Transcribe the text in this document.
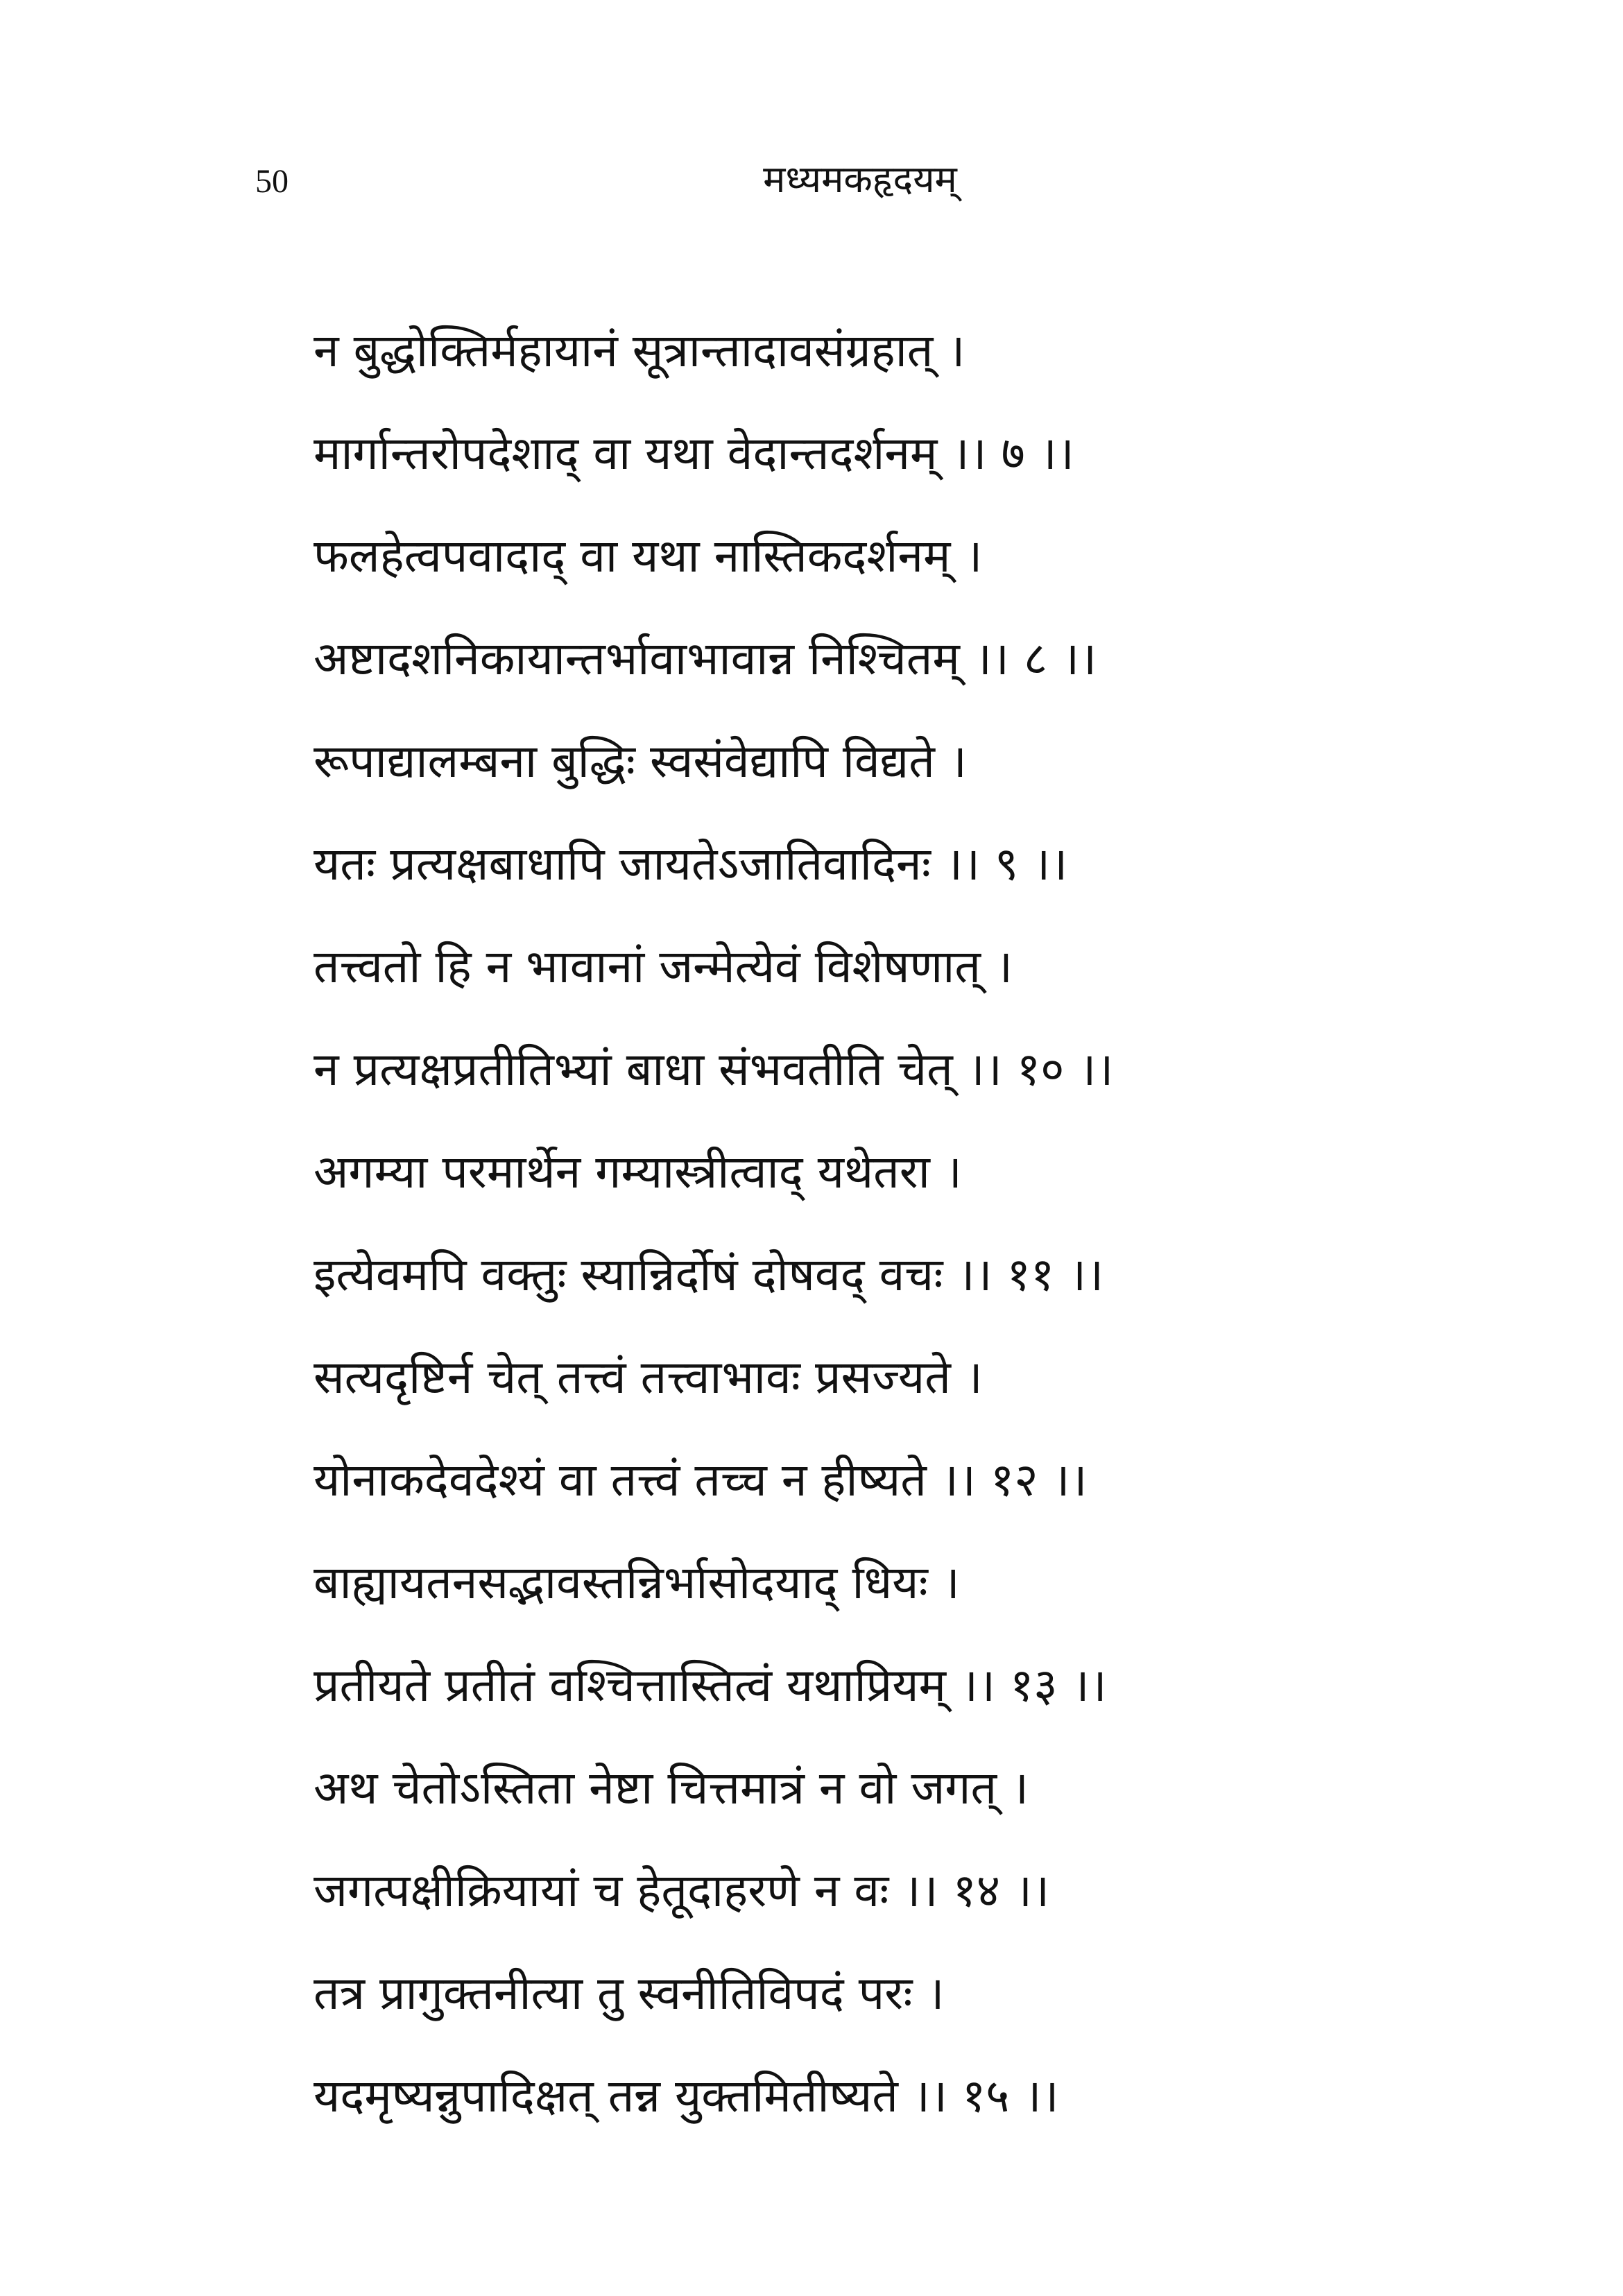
50	मध्यमकहृदयम्
न बुद्धोक्तिर्महायानं सूत्रान्तादावसंग्रहात् ।
मार्गान्तरोपदेशाद् वा यथा वेदान्तदर्शनम् ।। ७ ।।
फलहेत्वपवादाद् वा यथा नास्तिकदर्शनम् ।
अष्टादशनिकायान्तर्भावाभावान्न निश्चितम् ।। ८ ।।
रूपाद्यालम्बना बुद्धिः स्वसंवेद्यापि विद्यते ।
यतः प्रत्यक्षबाधापि जायतेऽजातिवादिनः ।। ९ ।।
तत्त्वतो हि न भावानां जन्मेत्येवं विशेषणात् ।
न प्रत्यक्षप्रतीतिभ्यां बाधा संभवतीति चेत् ।। १० ।।
अगम्या परमार्थेन गम्यास्त्रीत्वाद् यथेतरा ।
इत्येवमपि वक्तुः स्यान्निर्दोषं दोषवद् वचः ।। ११ ।।
सत्यदृष्टिर्न चेत् तत्त्वं तत्त्वाभावः प्रसज्यते ।
योनाकदेवदेश्यं वा तत्त्वं तच्च न हीष्यते ।। १२ ।।
बाह्यायतनसद्भावस्तन्निर्भासोदयाद् धियः ।
प्रतीयते प्रतीतं वश्चित्तास्तित्वं यथाप्रियम् ।। १३ ।।
अथ चेतोऽस्तिता नेष्टा चित्तमात्रं न वो जगत् ।
जगत्पक्षीक्रियायां च हेतूदाहरणे न वः ।। १४ ।।
तत्र प्रागुक्तनीत्या तु स्वनीतिविपदं परः ।
यदमृष्यन्नुपादिक्षत् तन्न युक्तमितीष्यते ।। १५ ।।
